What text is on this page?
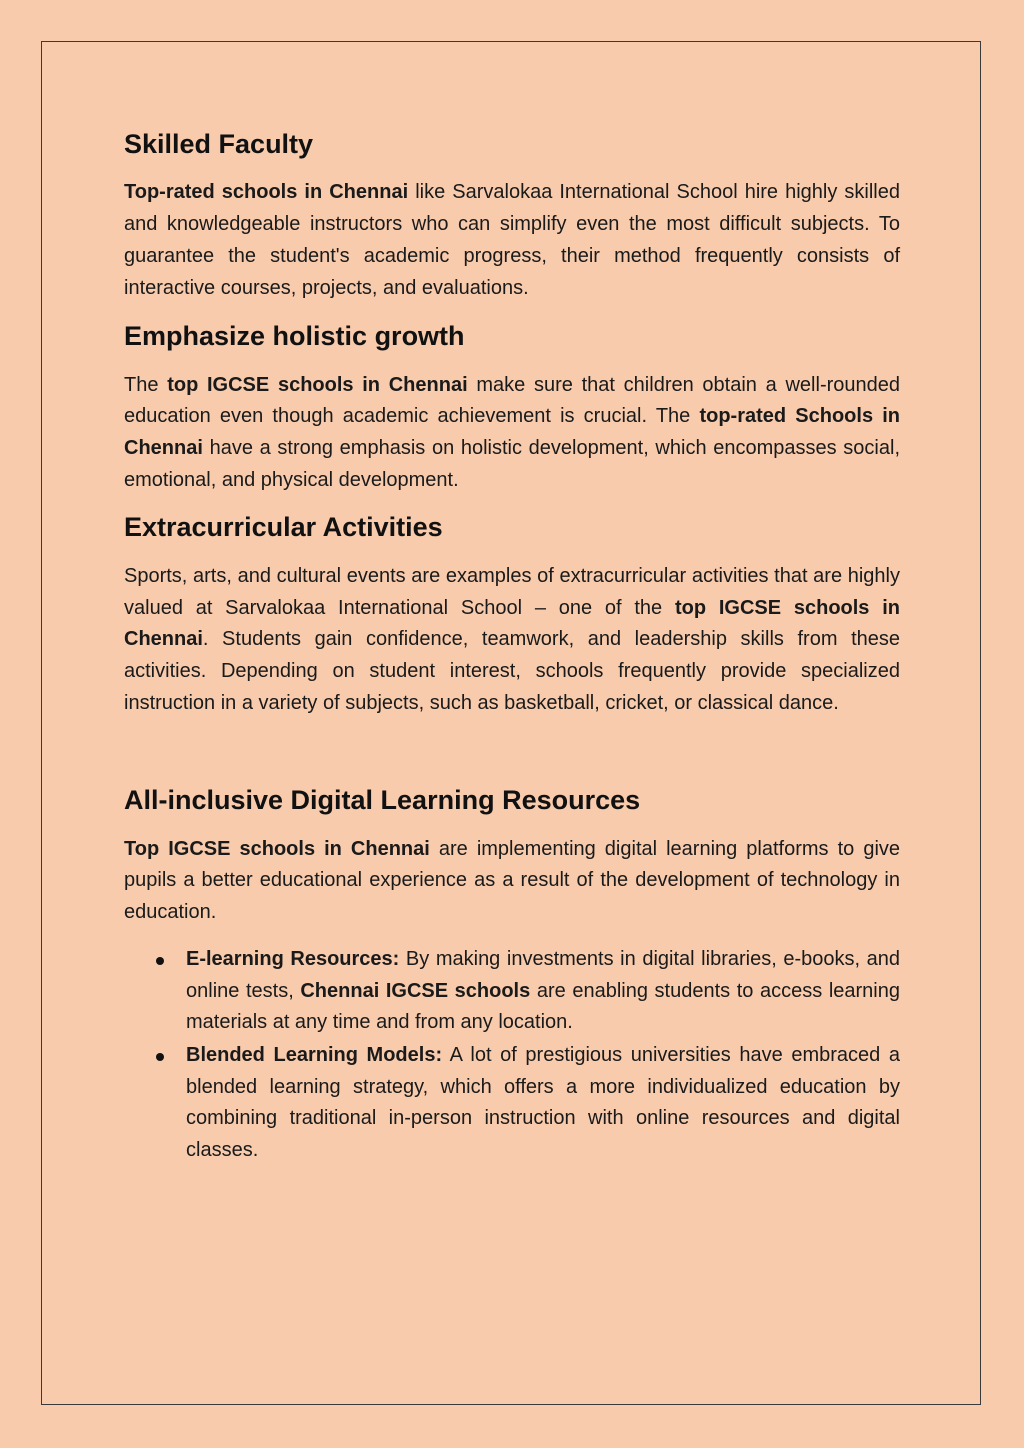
Skilled Faculty

Top-rated schools in Chennai like Sarvalokaa International School hire highly skilled and knowledgeable instructors who can simplify even the most difficult subjects. To guarantee the student's academic progress, their method frequently consists of interactive courses, projects, and evaluations.

Emphasize holistic growth

The top IGCSE schools in Chennai make sure that children obtain a well-rounded education even though academic achievement is crucial. The top-rated Schools in Chennai have a strong emphasis on holistic development, which encompasses social, emotional, and physical development.

Extracurricular Activities

Sports, arts, and cultural events are examples of extracurricular activities that are highly valued at Sarvalokaa International School – one of the top IGCSE schools in Chennai. Students gain confidence, teamwork, and leadership skills from these activities. Depending on student interest, schools frequently provide specialized instruction in a variety of subjects, such as basketball, cricket, or classical dance.

All-inclusive Digital Learning Resources

Top IGCSE schools in Chennai are implementing digital learning platforms to give pupils a better educational experience as a result of the development of technology in education.

E-learning Resources: By making investments in digital libraries, e-books, and online tests, Chennai IGCSE schools are enabling students to access learning materials at any time and from any location.
Blended Learning Models: A lot of prestigious universities have embraced a blended learning strategy, which offers a more individualized education by combining traditional in-person instruction with online resources and digital classes.
